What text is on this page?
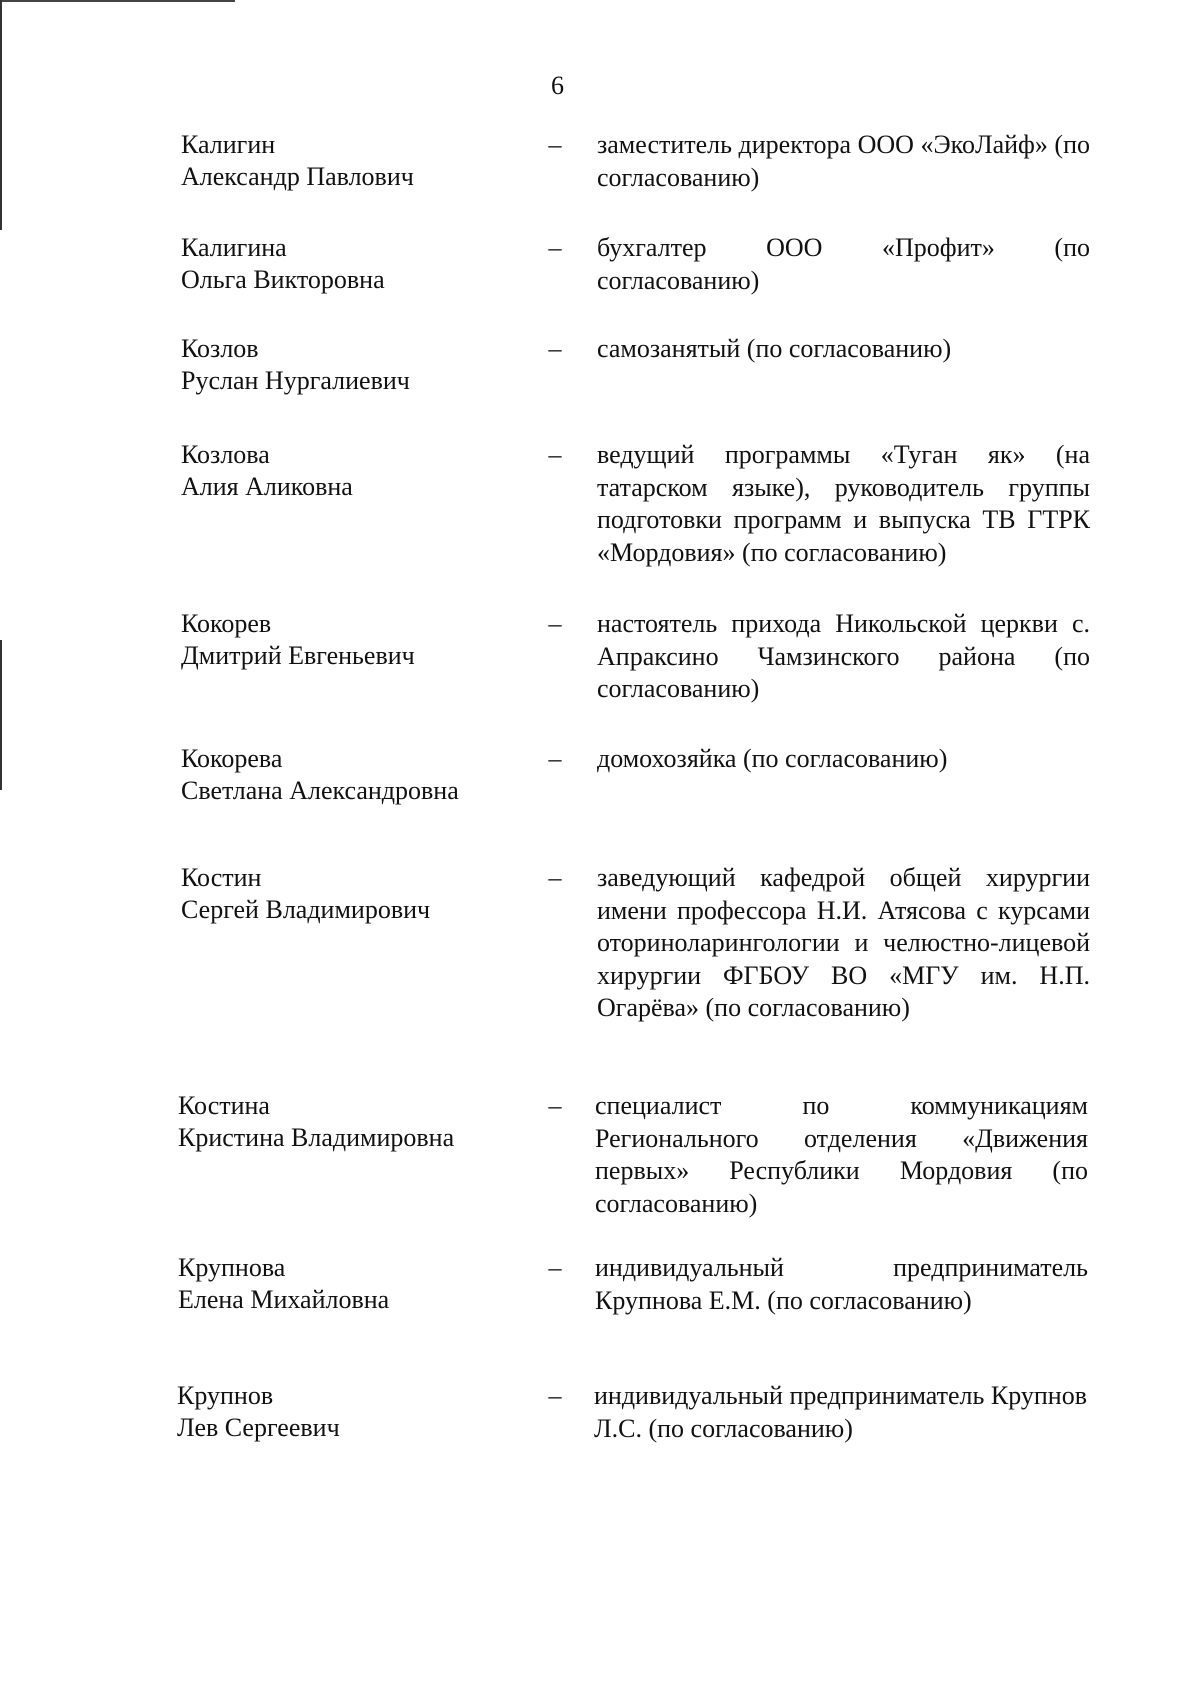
6
Калигин
Александр Павлович
–	заместитель директора ООО «ЭкоЛайф» (по согласованию)
Калигина
Ольга Викторовна
–	бухгалтер ООО «Профит» (по согласованию)
Козлов
Руслан Нургалиевич
–	самозанятый (по согласованию)
Козлова
Алия Аликовна
–	ведущий программы «Туган як» (на татарском языке), руководитель группы подготовки программ и выпуска ТВ ГТРК «Мордовия» (по согласованию)
Кокорев
Дмитрий Евгеньевич
–	настоятель прихода Никольской церкви с. Апраксино Чамзинского района (по согласованию)
Кокорева
Светлана Александровна
–	домохозяйка (по согласованию)
Костин
Сергей Владимирович
–	заведующий кафедрой общей хирургии имени профессора Н.И. Атясова с курсами оториноларингологии и челюстно-лицевой хирургии ФГБОУ ВО «МГУ им. Н.П. Огарёва» (по согласованию)
Костина
Кристина Владимировна
–	специалист по коммуникациям Регионального отделения «Движения первых» Республики Мордовия (по согласованию)
Крупнова
Елена Михайловна
–	индивидуальный предприниматель Крупнова Е.М. (по согласованию)
Крупнов
Лев Сергеевич
–	индивидуальный предприниматель Крупнов Л.С. (по согласованию)
